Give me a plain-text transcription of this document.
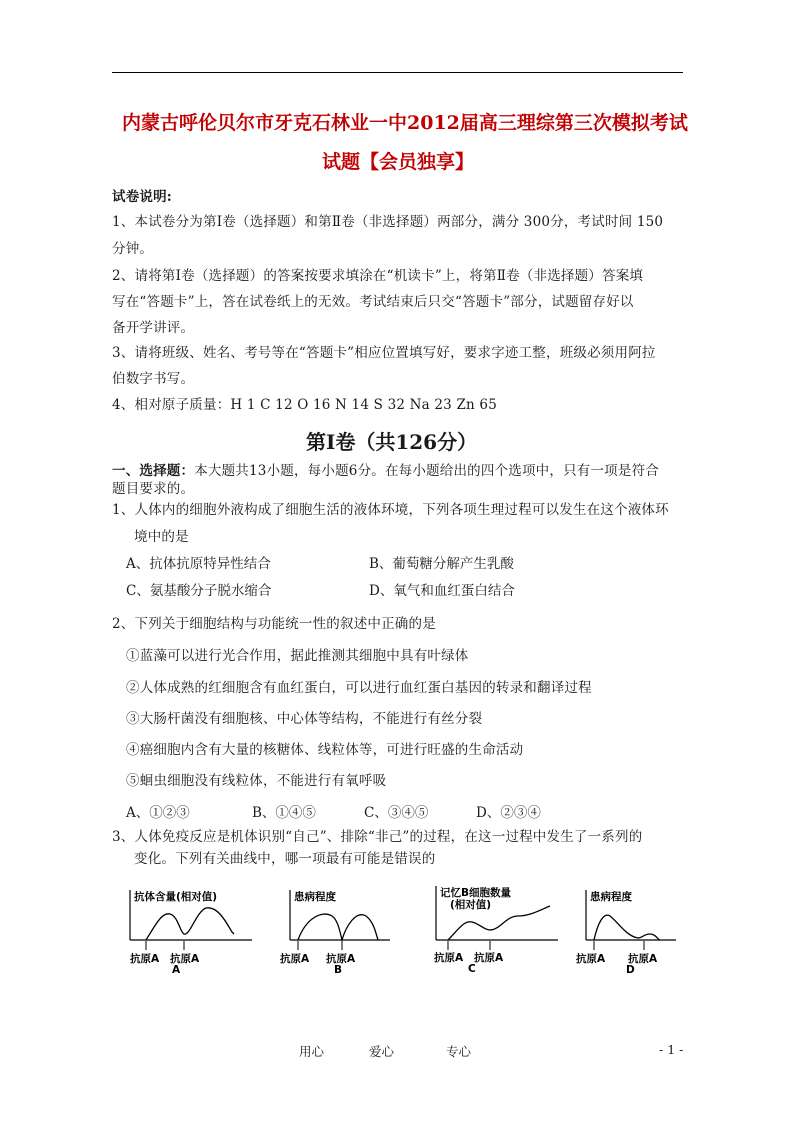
内蒙古呼伦贝尔市牙克石林业一中2012届高三理综第三次模拟考试
试题【会员独享】
试卷说明:
1、本试卷分为第Ⅰ卷（选择题）和第Ⅱ卷（非选择题）两部分，满分 300分，考试时间 150
分钟。
2、请将第Ⅰ卷（选择题）的答案按要求填涂在“机读卡”上，将第Ⅱ卷（非选择题）答案填
写在“答题卡”上，答在试卷纸上的无效。考试结束后只交“答题卡”部分，试题留存好以
备开学讲评。
3、请将班级、姓名、考号等在“答题卡”相应位置填写好，要求字迹工整，班级必须用阿拉
伯数字书写。
4、相对原子质量：H 1 C 12 O 16 N 14 S 32 Na 23 Zn 65
第Ⅰ卷（共126分）
一、选择题：本大题共13小题，每小题6分。在每小题给出的四个选项中，只有一项是符合
题目要求的。
1、人体内的细胞外液构成了细胞生活的液体环境，下列各项生理过程可以发生在这个液体环
境中的是
A、抗体抗原特异性结合	B、葡萄糖分解产生乳酸
C、氨基酸分子脱水缩合	D、氧气和血红蛋白结合
2、下列关于细胞结构与功能统一性的叙述中正确的是
①蓝藻可以进行光合作用，据此推测其细胞中具有叶绿体
②人体成熟的红细胞含有血红蛋白，可以进行血红蛋白基因的转录和翻译过程
③大肠杆菌没有细胞核、中心体等结构，不能进行有丝分裂
④癌细胞内含有大量的核糖体、线粒体等，可进行旺盛的生命活动
⑤蛔虫细胞没有线粒体，不能进行有氧呼吸
A、①②③	B、①④⑤	C、③④⑤	D、②③④
3、人体免疫反应是机体识别“自己”、排除“非己”的过程，在这一过程中发生了一系列的
变化。下列有关曲线中，哪一项最有可能是错误的
抗体含量(相对值)
抗原A 抗原A
A
患病程度
抗原A 抗原A
B
记忆B细胞数量
(相对值)
抗原A 抗原A
C
患病程度
抗原A 抗原A
D
用心	爱心	专心	- 1 -
